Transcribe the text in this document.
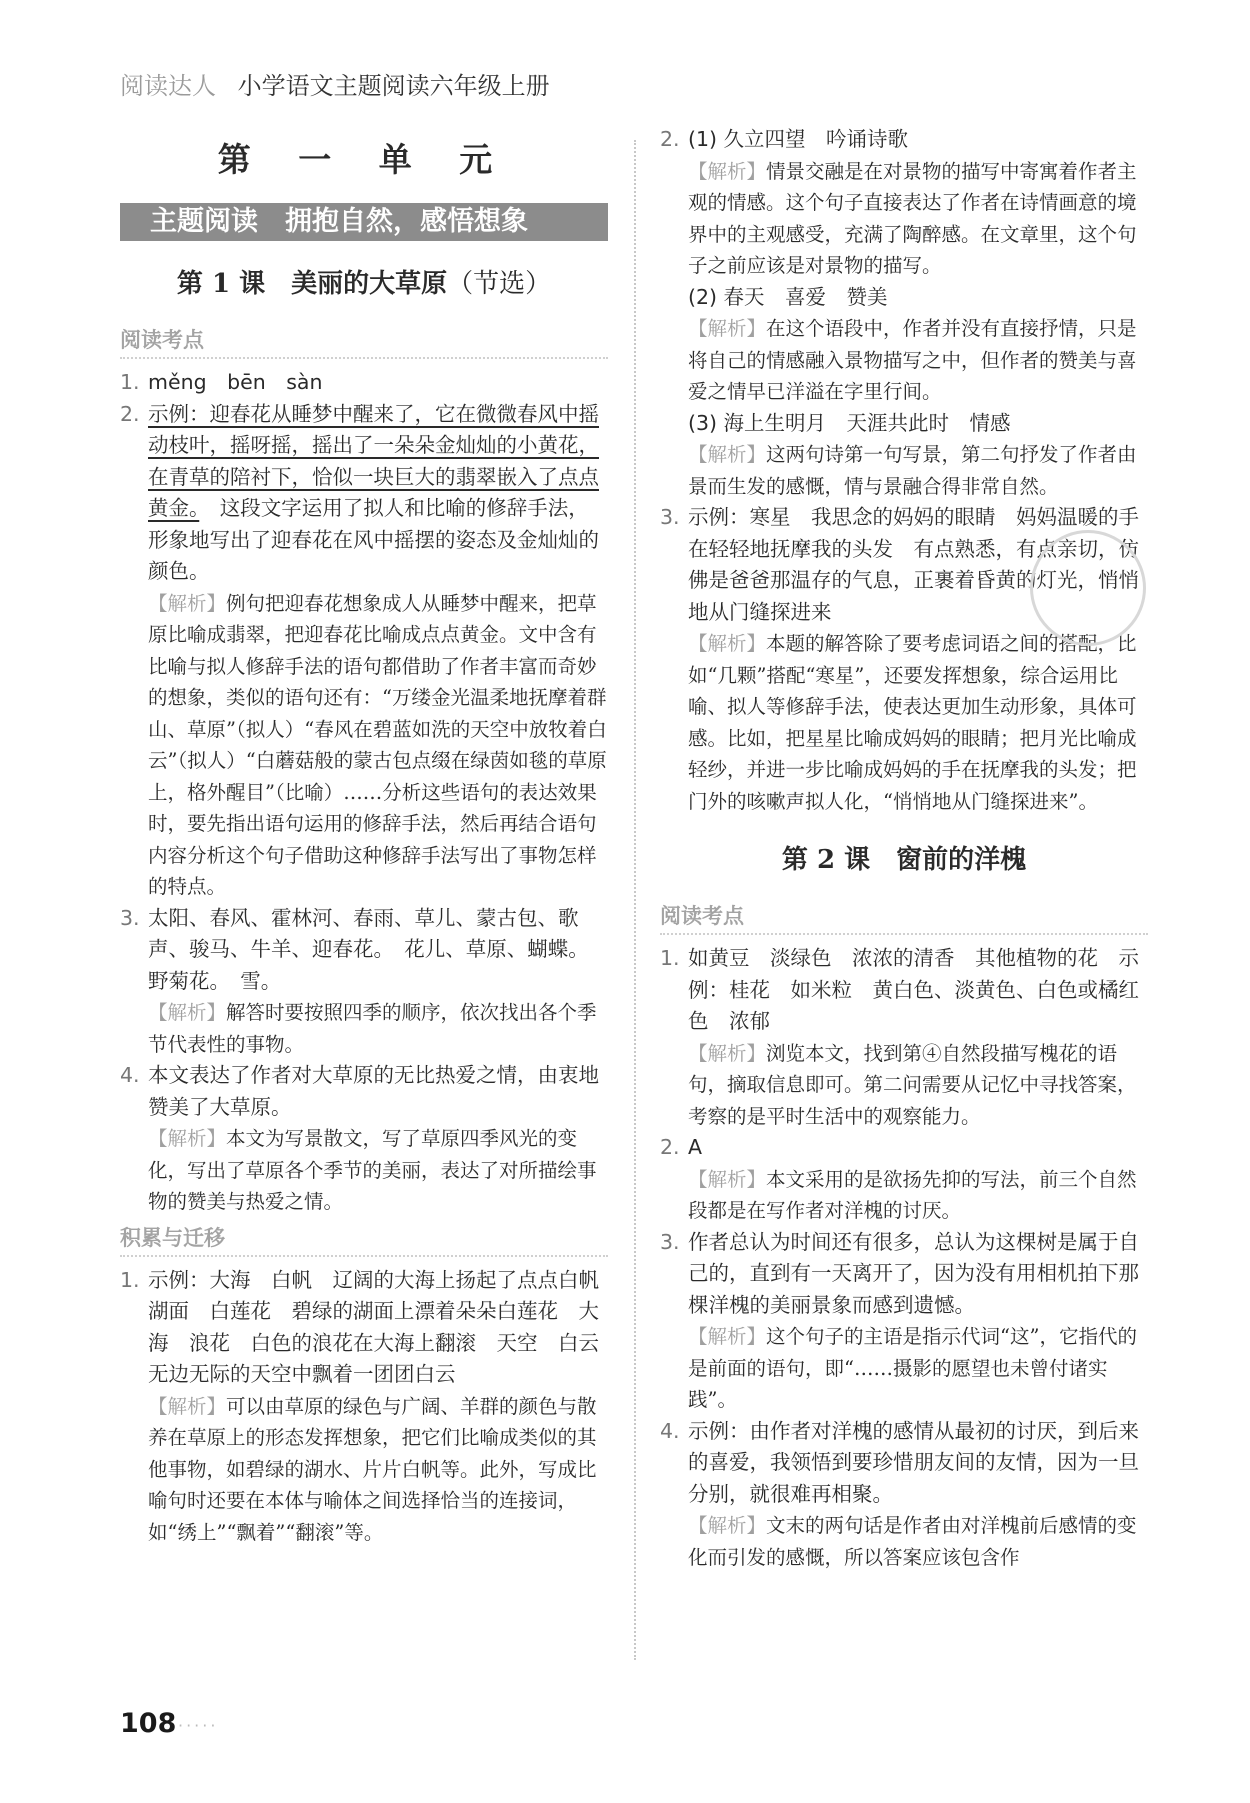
阅读达人 小学语文主题阅读六年级上册
第 一 单 元
主题阅读　拥抱自然，感悟想象
第 1 课　美丽的大草原（节选）
阅读考点
1. měng　bēn　sàn
2. 示例：迎春花从睡梦中醒来了，它在微微春风中摇动枝叶，摇呀摇，摇出了一朵朵金灿灿的小黄花，在青草的陪衬下，恰似一块巨大的翡翠嵌入了点点黄金。　这段文字运用了拟人和比喻的修辞手法，形象地写出了迎春花在风中摇摆的姿态及金灿灿的颜色。
【解析】例句把迎春花想象成人从睡梦中醒来，把草原比喻成翡翠，把迎春花比喻成点点黄金。文中含有比喻与拟人修辞手法的语句都借助了作者丰富而奇妙的想象，类似的语句还有：“万缕金光温柔地抚摩着群山、草原”（拟人）“春风在碧蓝如洗的天空中放牧着白云”（拟人）“白蘑菇般的蒙古包点缀在绿茵如毯的草原上，格外醒目”（比喻）……分析这些语句的表达效果时，要先指出语句运用的修辞手法，然后再结合语句内容分析这个句子借助这种修辞手法写出了事物怎样的特点。
3. 太阳、春风、霍林河、春雨、草儿、蒙古包、歌声、骏马、牛羊、迎春花。　花儿、草原、蝴蝶。　野菊花。　雪。
【解析】解答时要按照四季的顺序，依次找出各个季节代表性的事物。
4. 本文表达了作者对大草原的无比热爱之情，由衷地赞美了大草原。
【解析】本文为写景散文，写了草原四季风光的变化，写出了草原各个季节的美丽，表达了对所描绘事物的赞美与热爱之情。
积累与迁移
1. 示例：大海　白帆　辽阔的大海上扬起了点点白帆　湖面　白莲花　碧绿的湖面上漂着朵朵白莲花　大海　浪花　白色的浪花在大海上翻滚　天空　白云　无边无际的天空中飘着一团团白云
【解析】可以由草原的绿色与广阔、羊群的颜色与散养在草原上的形态发挥想象，把它们比喻成类似的其他事物，如碧绿的湖水、片片白帆等。此外，写成比喻句时还要在本体与喻体之间选择恰当的连接词，如“绣上”“飘着”“翻滚”等。
2. (1) 久立四望　吟诵诗歌
【解析】情景交融是在对景物的描写中寄寓着作者主观的情感。这个句子直接表达了作者在诗情画意的境界中的主观感受，充满了陶醉感。在文章里，这个句子之前应该是对景物的描写。
(2) 春天　喜爱　赞美
【解析】在这个语段中，作者并没有直接抒情，只是将自己的情感融入景物描写之中，但作者的赞美与喜爱之情早已洋溢在字里行间。
(3) 海上生明月　天涯共此时　情感
【解析】这两句诗第一句写景，第二句抒发了作者由景而生发的感慨，情与景融合得非常自然。
3. 示例：寒星　我思念的妈妈的眼睛　妈妈温暖的手在轻轻地抚摩我的头发　有点熟悉，有点亲切，仿佛是爸爸那温存的气息，正裹着昏黄的灯光，悄悄地从门缝探进来
【解析】本题的解答除了要考虑词语之间的搭配，比如“几颗”搭配“寒星”，还要发挥想象，综合运用比喻、拟人等修辞手法，使表达更加生动形象，具体可感。比如，把星星比喻成妈妈的眼睛；把月光比喻成轻纱，并进一步比喻成妈妈的手在抚摩我的头发；把门外的咳嗽声拟人化，“悄悄地从门缝探进来”。
第 2 课　窗前的洋槐
阅读考点
1. 如黄豆　淡绿色　浓浓的清香　其他植物的花　示例：桂花　如米粒　黄白色、淡黄色、白色或橘红色　浓郁
【解析】浏览本文，找到第④自然段描写槐花的语句，摘取信息即可。第二问需要从记忆中寻找答案，考察的是平时生活中的观察能力。
2. A
【解析】本文采用的是欲扬先抑的写法，前三个自然段都是在写作者对洋槐的讨厌。
3. 作者总认为时间还有很多，总认为这棵树是属于自己的，直到有一天离开了，因为没有用相机拍下那棵洋槐的美丽景象而感到遗憾。
【解析】这个句子的主语是指示代词“这”，它指代的是前面的语句，即“……摄影的愿望也未曾付诸实践”。
4. 示例：由作者对洋槐的感情从最初的讨厌，到后来的喜爱，我领悟到要珍惜朋友间的友情，因为一旦分别，就很难再相聚。
【解析】文末的两句话是作者由对洋槐前后感情的变化而引发的感慨，所以答案应该包含作
108 ·····
